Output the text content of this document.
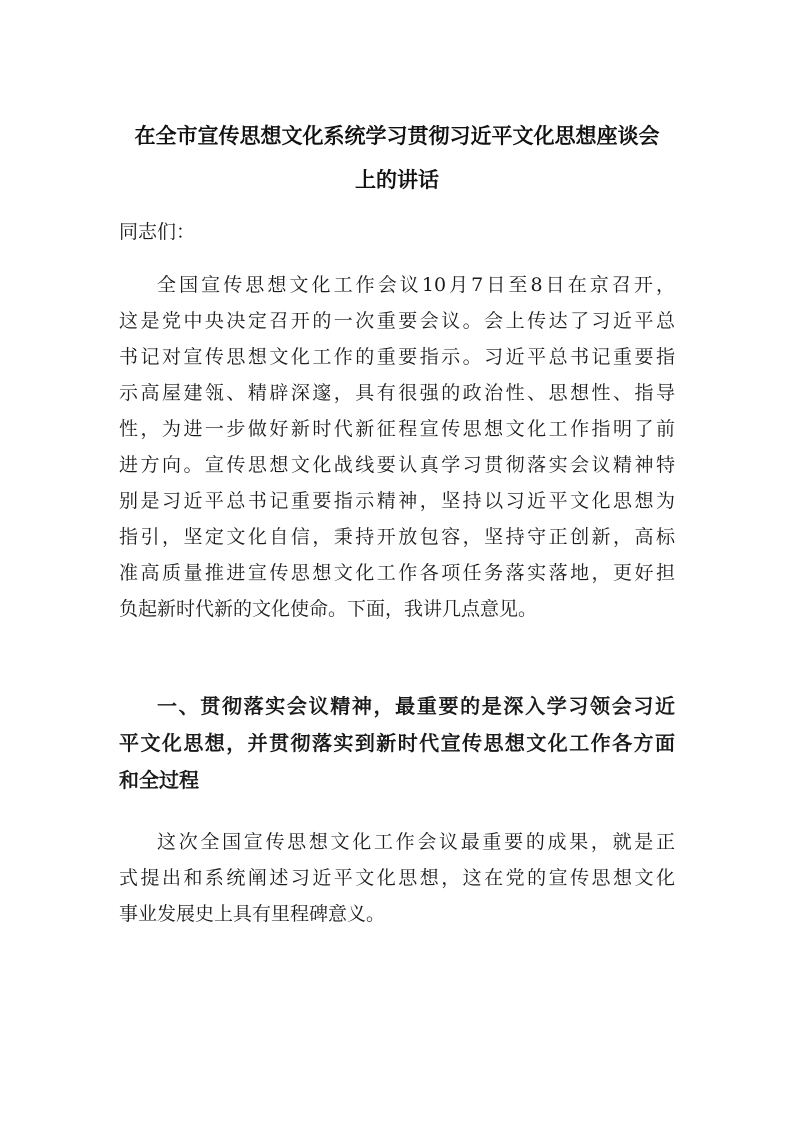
在全市宣传思想文化系统学习贯彻习近平文化思想座谈会
上的讲话
同志们：
全国宣传思想文化工作会议10月7日至8日在京召开，
这是党中央决定召开的一次重要会议。会上传达了习近平总
书记对宣传思想文化工作的重要指示。习近平总书记重要指
示高屋建瓴、精辟深邃，具有很强的政治性、思想性、指导
性，为进一步做好新时代新征程宣传思想文化工作指明了前
进方向。宣传思想文化战线要认真学习贯彻落实会议精神特
别是习近平总书记重要指示精神，坚持以习近平文化思想为
指引，坚定文化自信，秉持开放包容，坚持守正创新，高标
准高质量推进宣传思想文化工作各项任务落实落地，更好担
负起新时代新的文化使命。下面，我讲几点意见。
一、贯彻落实会议精神，最重要的是深入学习领会习近
平文化思想，并贯彻落实到新时代宣传思想文化工作各方面
和全过程
这次全国宣传思想文化工作会议最重要的成果，就是正
式提出和系统阐述习近平文化思想，这在党的宣传思想文化
事业发展史上具有里程碑意义。
